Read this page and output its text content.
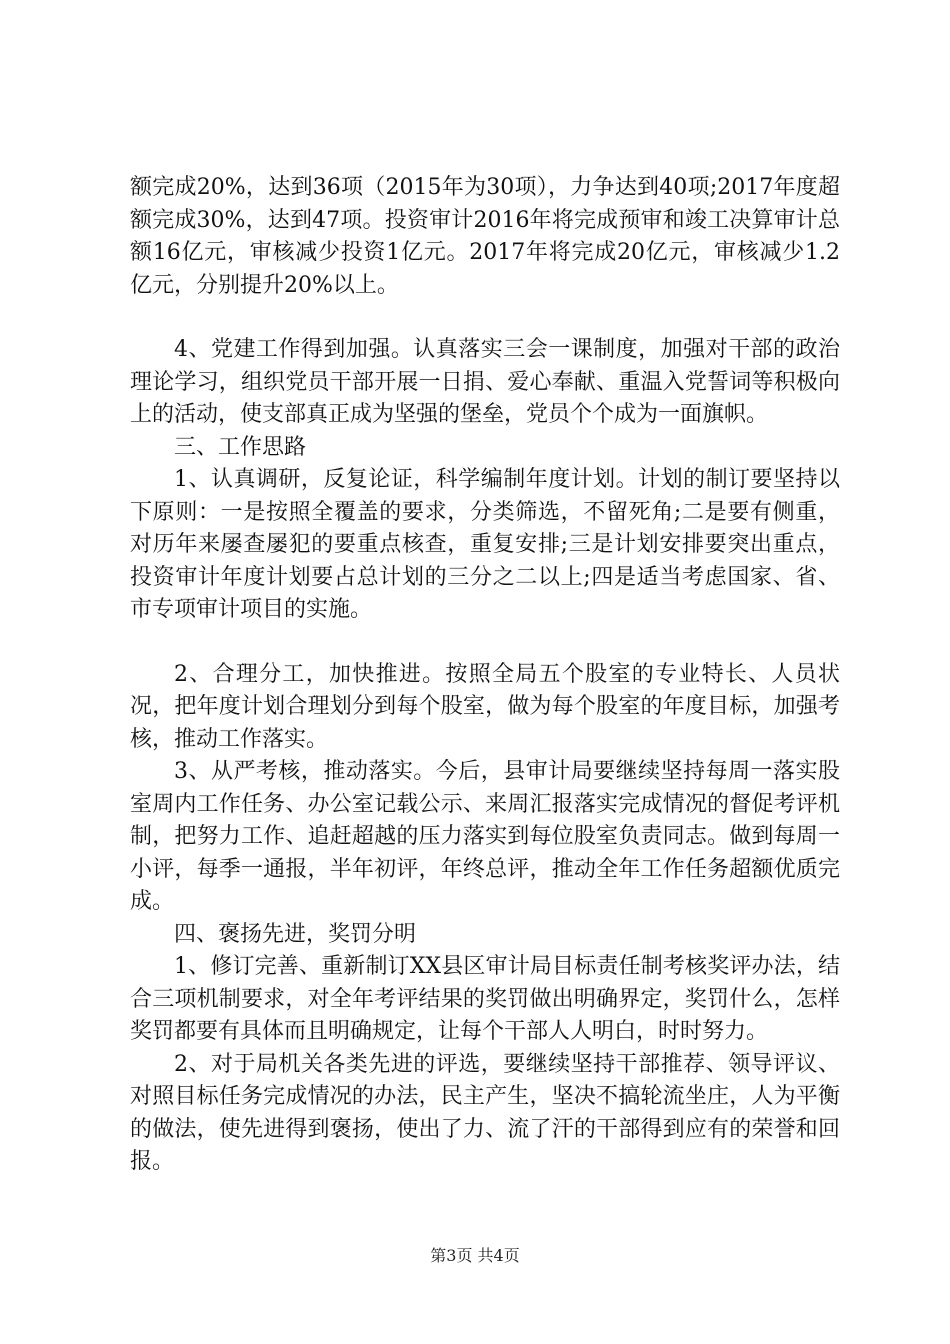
额完成20%，达到36项（2015年为30项），力争达到40项;2017年度超额完成30%，达到47项。投资审计2016年将完成预审和竣工决算审计总额16亿元，审核减少投资1亿元。2017年将完成20亿元，审核减少1.2亿元，分别提升20%以上。

4、党建工作得到加强。认真落实三会一课制度，加强对干部的政治理论学习，组织党员干部开展一日捐、爱心奉献、重温入党誓词等积极向上的活动，使支部真正成为坚强的堡垒，党员个个成为一面旗帜。

三、工作思路

1、认真调研，反复论证，科学编制年度计划。计划的制订要坚持以下原则：一是按照全覆盖的要求，分类筛选，不留死角;二是要有侧重，对历年来屡查屡犯的要重点核查，重复安排;三是计划安排要突出重点，投资审计年度计划要占总计划的三分之二以上;四是适当考虑国家、省、市专项审计项目的实施。

2、合理分工，加快推进。按照全局五个股室的专业特长、人员状况，把年度计划合理划分到每个股室，做为每个股室的年度目标，加强考核，推动工作落实。

3、从严考核，推动落实。今后，县审计局要继续坚持每周一落实股室周内工作任务、办公室记载公示、来周汇报落实完成情况的督促考评机制，把努力工作、追赶超越的压力落实到每位股室负责同志。做到每周一小评，每季一通报，半年初评，年终总评，推动全年工作任务超额优质完成。

四、褒扬先进，奖罚分明

1、修订完善、重新制订XX县区审计局目标责任制考核奖评办法，结合三项机制要求，对全年考评结果的奖罚做出明确界定，奖罚什么，怎样奖罚都要有具体而且明确规定，让每个干部人人明白，时时努力。

2、对于局机关各类先进的评选，要继续坚持干部推荐、领导评议、对照目标任务完成情况的办法，民主产生，坚决不搞轮流坐庄，人为平衡的做法，使先进得到褒扬，使出了力、流了汗的干部得到应有的荣誉和回报。

第3页 共4页
